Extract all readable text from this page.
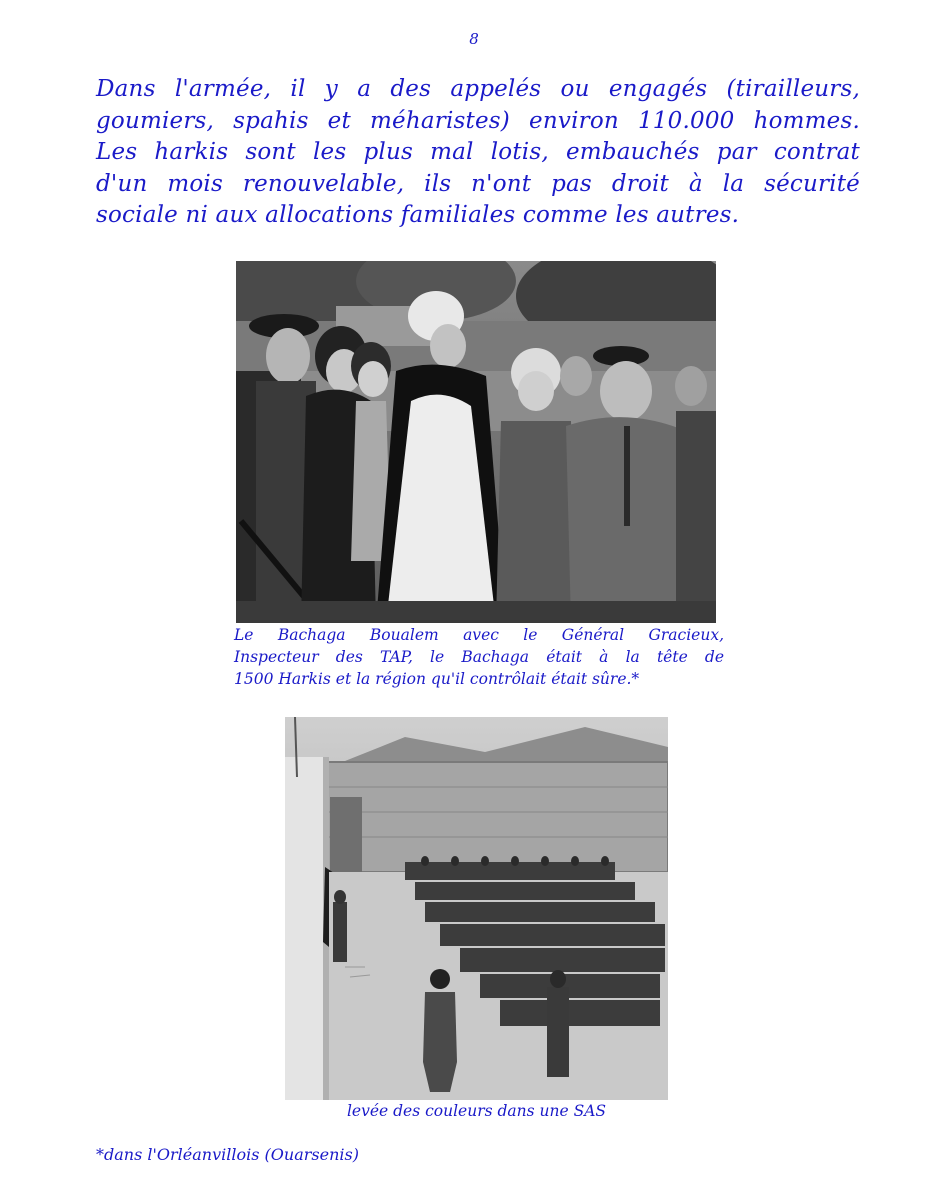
8
Dans l'armée, il y a des appelés ou engagés (tirailleurs,
goumiers, spahis et méharistes) environ 110.000 hommes.
Les harkis sont les plus mal lotis, embauchés par contrat
d'un mois renouvelable, ils n'ont pas droit à la sécurité
sociale ni aux allocations familiales comme les autres.
Le Bachaga Boualem avec le Général Gracieux,
Inspecteur des TAP, le Bachaga était à la tête de
1500 Harkis et la région qu'il contrôlait était sûre.*
levée des couleurs dans une SAS
*dans l'Orléanvillois (Ouarsenis)
